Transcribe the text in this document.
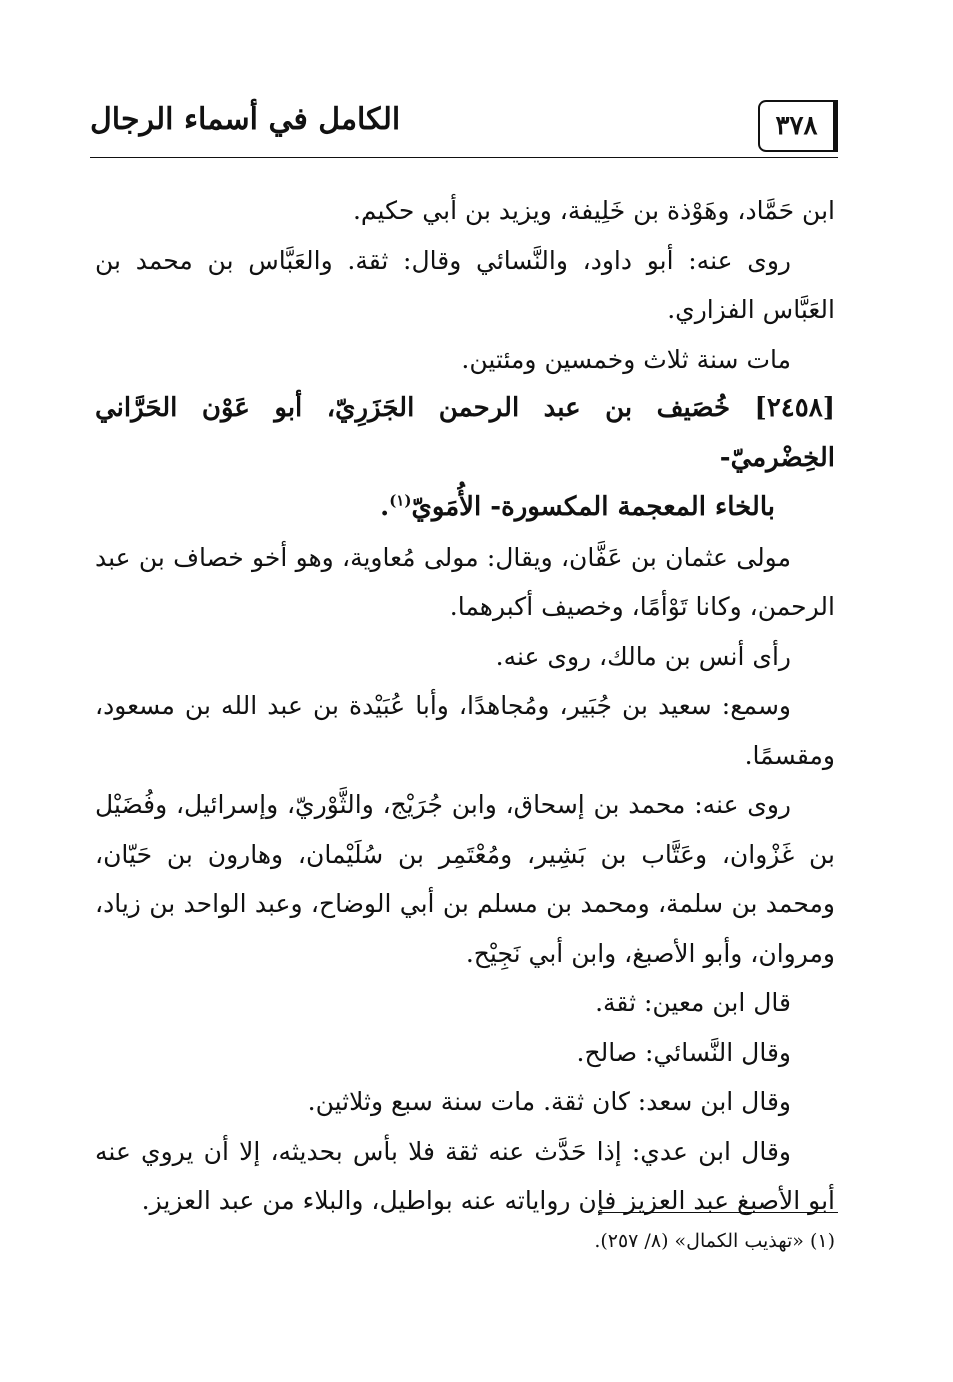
الكامل في أسماء الرجال	٣٧٨

ابن حَمَّاد، وهَوْذة بن خَلِيفة، ويزيد بن أبي حكيم.

روى عنه: أبو داود، والنَّسائي وقال: ثقة. والعَبَّاس بن محمد بن العَبَّاس الفزاري.

مات سنة ثلاث وخمسين ومئتين.

[٢٤٥٨] خُصَيف بن عبد الرحمن الجَزَرِيّ، أبو عَوْن الحَرَّاني الخِضْرميّ-
بالخاء المعجمة المكسورة- الأُمَويّ$^{(١)}$.

مولى عثمان بن عَفَّان، ويقال: مولى مُعاوية، وهو أخو خصاف بن عبد الرحمن، وكانا تَوْأمًا، وخصيف أكبرهما.

رأى أنس بن مالك، روى عنه.

وسمع: سعيد بن جُبَير، ومُجاهدًا، وأبا عُبَيْدة بن عبد الله بن مسعود، ومقسمًا.

روى عنه: محمد بن إسحاق، وابن جُرَيْج، والثَّوْريّ، وإسرائيل، وفُضَيْل بن غَزْوان، وعَتَّاب بن بَشِير، ومُعْتَمِر بن سُلَيْمان، وهارون بن حَيّان، ومحمد بن سلمة، ومحمد بن مسلم بن أبي الوضاح، وعبد الواحد بن زياد، ومروان، وأبو الأصبغ، وابن أبي نَجِيْح.

قال ابن معين: ثقة.

وقال النَّسائي: صالح.

وقال ابن سعد: كان ثقة. مات سنة سبع وثلاثين.

وقال ابن عدي: إذا حَدَّث عنه ثقة فلا بأس بحديثه، إلا أن يروي عنه أبو الأصبغ عبد العزيز فإن رواياته عنه بواطيل، والبلاء من عبد العزيز.

(١) «تهذيب الكمال» (٨/ ٢٥٧).
